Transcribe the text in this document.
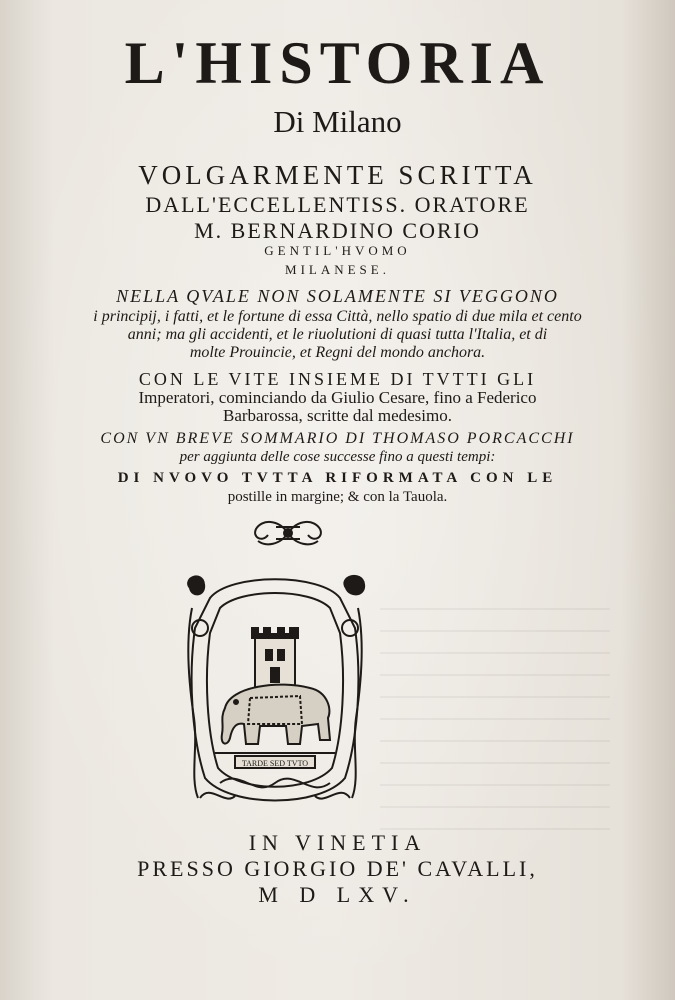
L'HISTORIA
Di Milano
VOLGARMENTE SCRITTA
DALL'ECCELLENTISS. ORATORE
M. BERNARDINO CORIO
GENTIL'HVOMO
MILANESE.
NELLA QVALE NON SOLAMENTE SI VEGGONO
i principij, i fatti, et le fortune di essa Città, nello spatio di due mila et cento
anni; ma gli accidenti, et le riuolutioni di quasi tutta l'Italia, et di
molte Prouincie, et Regni del mondo anchora.
CON LE VITE INSIEME DI TVTTI GLI
Imperatori, cominciando da Giulio Cesare, fino a Federico
Barbarossa, scritte dal medesimo.
CON VN BREVE SOMMARIO DI THOMASO PORCACCHI
per aggiunta delle cose successe fino a questi tempi:
DI NVOVO TVTTA RIFORMATA CON LE
postille in margine; & con la Tauola.
TARDE SED TVTO
IN VINETIA
PRESSO GIORGIO DE' CAVALLI,
M D LXV.
